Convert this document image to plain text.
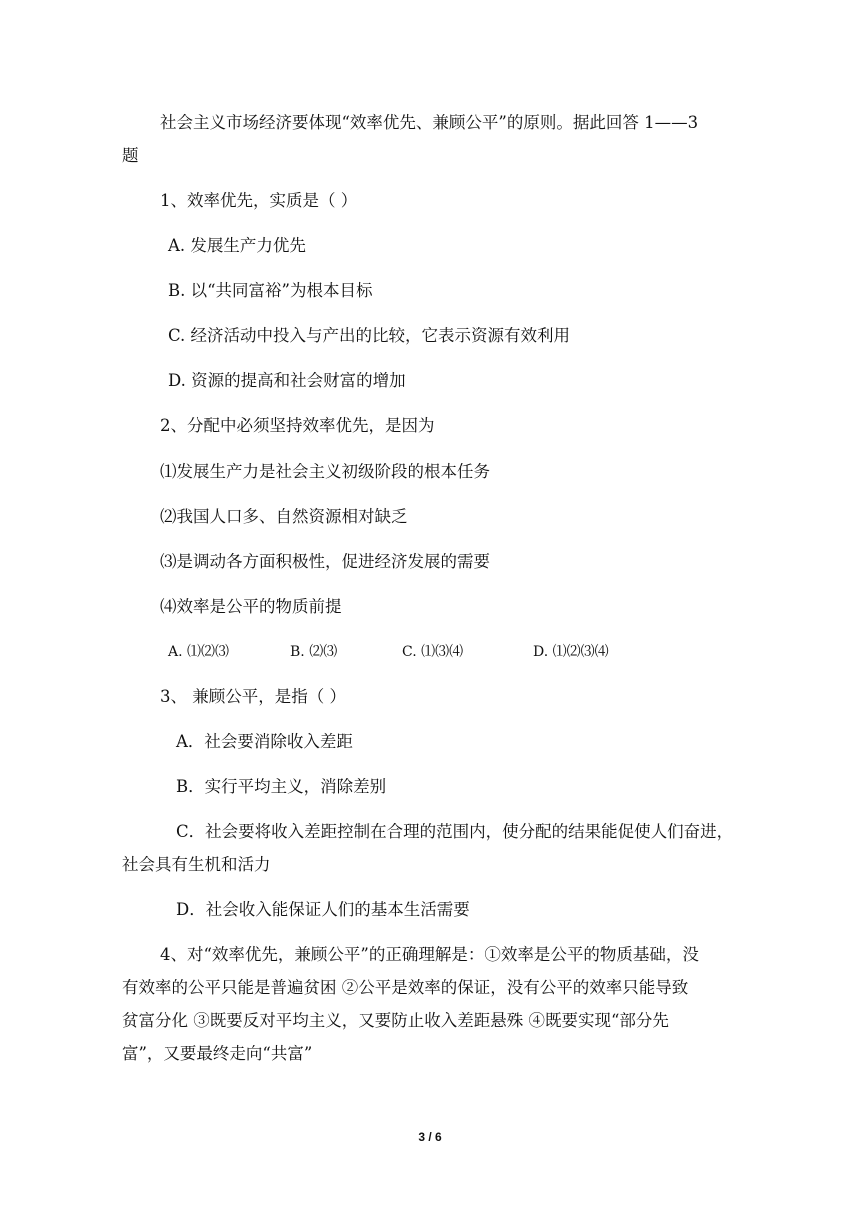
社会主义市场经济要体现“效率优先、兼顾公平”的原则。据此回答 1——3
题
1、效率优先，实质是（ ）
A. 发展生产力优先
B. 以“共同富裕”为根本目标
C. 经济活动中投入与产出的比较，它表示资源有效利用
D. 资源的提高和社会财富的增加
2、分配中必须坚持效率优先，是因为
⑴发展生产力是社会主义初级阶段的根本任务
⑵我国人口多、自然资源相对缺乏
⑶是调动各方面积极性，促进经济发展的需要
⑷效率是公平的物质前提
A. ⑴⑵⑶	B. ⑵⑶	C. ⑴⑶⑷	D. ⑴⑵⑶⑷
3、 兼顾公平，是指（ ）
A．社会要消除收入差距
B．实行平均主义，消除差别
C．社会要将收入差距控制在合理的范围内，使分配的结果能促使人们奋进，
社会具有生机和活力
D．社会收入能保证人们的基本生活需要
4、对“效率优先，兼顾公平”的正确理解是：①效率是公平的物质基础，没
有效率的公平只能是普遍贫困 ②公平是效率的保证，没有公平的效率只能导致
贫富分化 ③既要反对平均主义，又要防止收入差距悬殊 ④既要实现“部分先
富”，又要最终走向“共富”
3 / 6
